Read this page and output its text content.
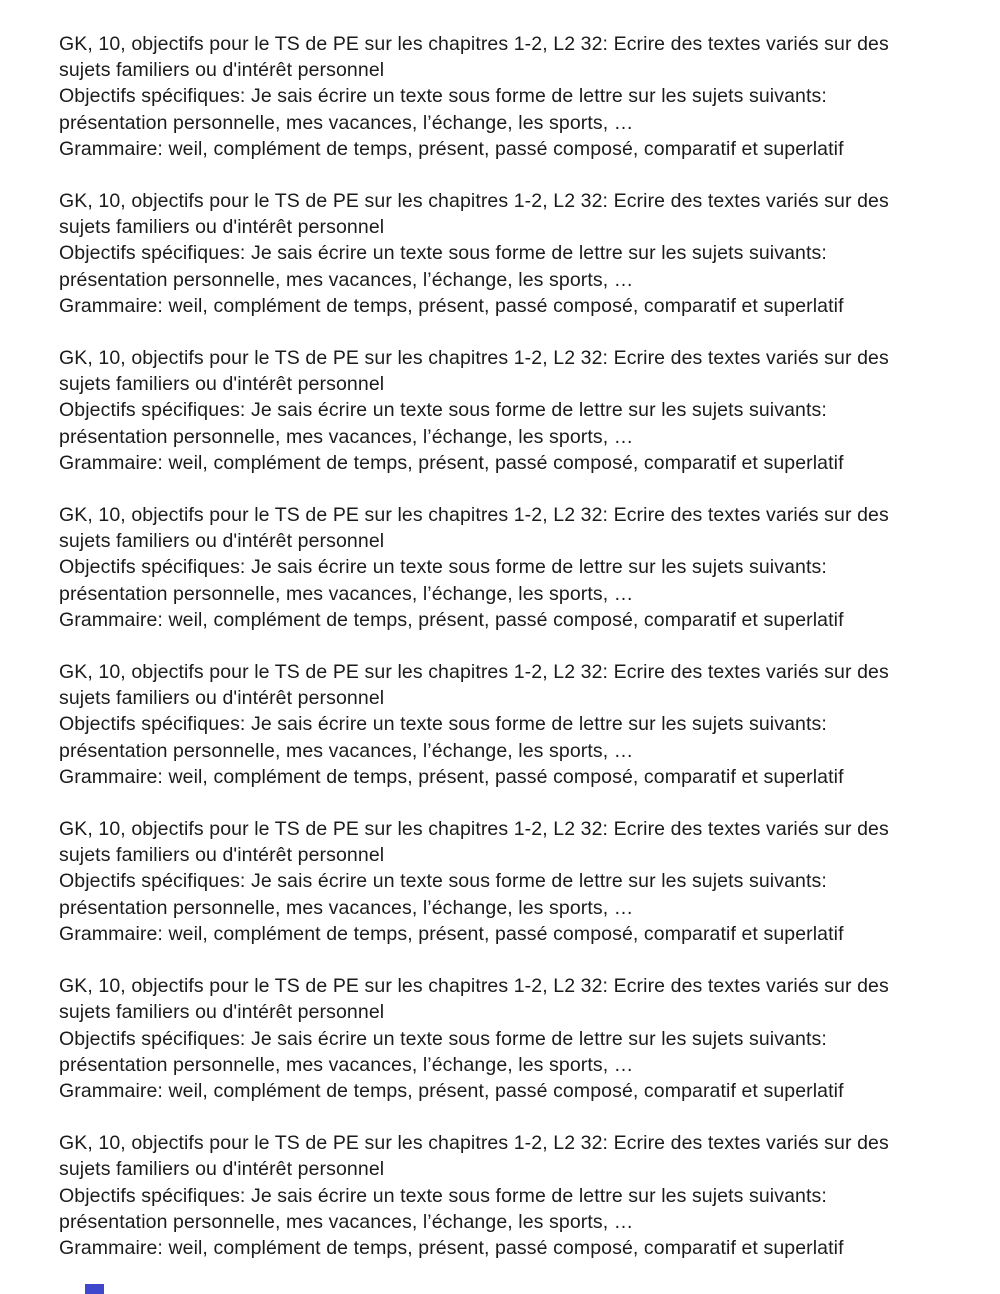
GK, 10, objectifs pour le TS de PE sur les chapitres 1-2, L2 32: Ecrire des textes variés sur des
sujets familiers ou d'intérêt personnel
Objectifs spécifiques: Je sais écrire un texte sous forme de lettre sur les sujets suivants:
présentation personnelle, mes vacances, l’échange, les sports, …
Grammaire: weil, complément de temps, présent, passé composé, comparatif et superlatif
GK, 10, objectifs pour le TS de PE sur les chapitres 1-2, L2 32: Ecrire des textes variés sur des
sujets familiers ou d'intérêt personnel
Objectifs spécifiques: Je sais écrire un texte sous forme de lettre sur les sujets suivants:
présentation personnelle, mes vacances, l’échange, les sports, …
Grammaire: weil, complément de temps, présent, passé composé, comparatif et superlatif
GK, 10, objectifs pour le TS de PE sur les chapitres 1-2, L2 32: Ecrire des textes variés sur des
sujets familiers ou d'intérêt personnel
Objectifs spécifiques: Je sais écrire un texte sous forme de lettre sur les sujets suivants:
présentation personnelle, mes vacances, l’échange, les sports, …
Grammaire: weil, complément de temps, présent, passé composé, comparatif et superlatif
GK, 10, objectifs pour le TS de PE sur les chapitres 1-2, L2 32: Ecrire des textes variés sur des
sujets familiers ou d'intérêt personnel
Objectifs spécifiques: Je sais écrire un texte sous forme de lettre sur les sujets suivants:
présentation personnelle, mes vacances, l’échange, les sports, …
Grammaire: weil, complément de temps, présent, passé composé, comparatif et superlatif
GK, 10, objectifs pour le TS de PE sur les chapitres 1-2, L2 32: Ecrire des textes variés sur des
sujets familiers ou d'intérêt personnel
Objectifs spécifiques: Je sais écrire un texte sous forme de lettre sur les sujets suivants:
présentation personnelle, mes vacances, l’échange, les sports, …
Grammaire: weil, complément de temps, présent, passé composé, comparatif et superlatif
GK, 10, objectifs pour le TS de PE sur les chapitres 1-2, L2 32: Ecrire des textes variés sur des
sujets familiers ou d'intérêt personnel
Objectifs spécifiques: Je sais écrire un texte sous forme de lettre sur les sujets suivants:
présentation personnelle, mes vacances, l’échange, les sports, …
Grammaire: weil, complément de temps, présent, passé composé, comparatif et superlatif
GK, 10, objectifs pour le TS de PE sur les chapitres 1-2, L2 32: Ecrire des textes variés sur des
sujets familiers ou d'intérêt personnel
Objectifs spécifiques: Je sais écrire un texte sous forme de lettre sur les sujets suivants:
présentation personnelle, mes vacances, l’échange, les sports, …
Grammaire: weil, complément de temps, présent, passé composé, comparatif et superlatif
GK, 10, objectifs pour le TS de PE sur les chapitres 1-2, L2 32: Ecrire des textes variés sur des
sujets familiers ou d'intérêt personnel
Objectifs spécifiques: Je sais écrire un texte sous forme de lettre sur les sujets suivants:
présentation personnelle, mes vacances, l’échange, les sports, …
Grammaire: weil, complément de temps, présent, passé composé, comparatif et superlatif
